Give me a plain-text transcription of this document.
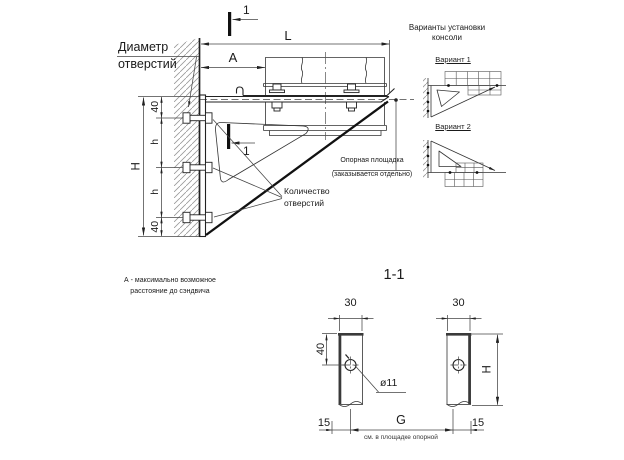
Диаметр
отверстий
L
A
1
1
Варианты установки
консоли
Вариант 1
Вариант 2
Опорная площадка
(заказывается отдельно)
Количество
отверстий
А - максимально возможное
расстояние до сэндвича
40
h
H
h
40
1-1
30	30
40
ø11
H
15	G	15
см. в площадке опорной
